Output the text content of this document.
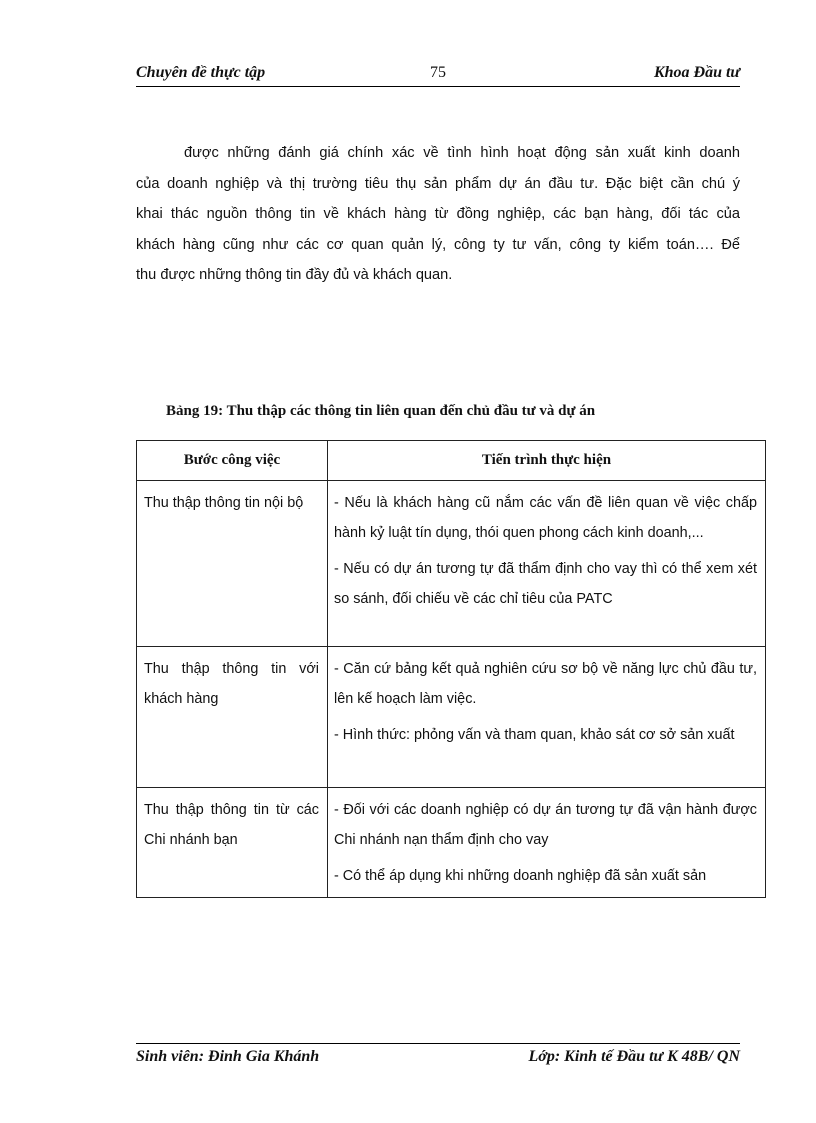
Chuyên đề thực tập	75	Khoa Đầu tư
được những đánh giá chính xác về tình hình hoạt động sản xuất kinh doanh
của doanh nghiệp và thị trường tiêu thụ sản phẩm dự án đầu tư. Đặc biệt cần chú ý
khai thác nguồn thông tin về khách hàng từ đồng nghiệp, các bạn hàng, đối tác của
khách hàng cũng như các cơ quan quản lý, công ty tư vấn, công ty kiểm toán…. Để
thu được những thông tin đầy đủ và khách quan.
Bảng 19: Thu thập các thông tin liên quan đến chủ đầu tư và dự án
Bước công việc	Tiến trình thực hiện
Thu thập thông tin nội bộ	- Nếu là khách hàng cũ nắm các vấn đề liên quan về việc chấp hành kỷ luật tín dụng, thói quen phong cách kinh doanh,...

- Nếu có dự án tương tự đã thẩm định cho vay thì có thể xem xét so sánh, đối chiếu về các chỉ tiêu của PATC

Thu thập thông tin với khách hàng	- Căn cứ bảng kết quả nghiên cứu sơ bộ về năng lực chủ đầu tư, lên kế hoạch làm việc.

- Hình thức: phỏng vấn và tham quan, khảo sát cơ sở sản xuất

Thu thập thông tin từ các Chi nhánh bạn	- Đối với các doanh nghiệp có dự án tương tự đã vận hành được Chi nhánh nạn thẩm định cho vay

- Có thể áp dụng khi những doanh nghiệp đã sản xuất sản

Sinh viên: Đinh Gia Khánh	Lớp: Kinh tế Đầu tư K 48B/ QN
